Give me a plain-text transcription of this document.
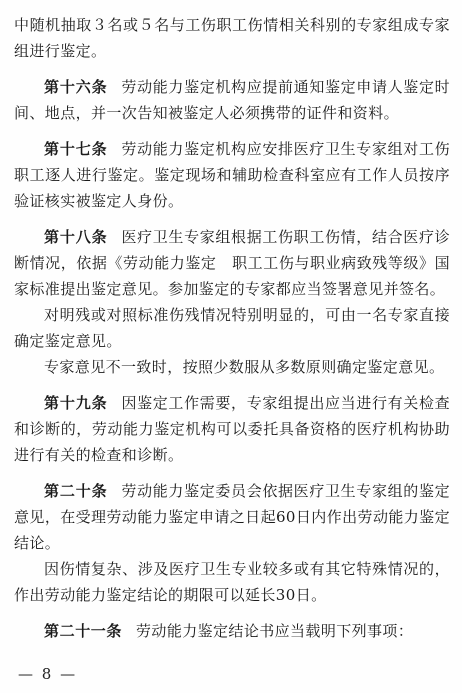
中随机抽取３名或５名与工伤职工伤情相关科别的专家组成专家组进行鉴定。

第十六条 劳动能力鉴定机构应提前通知鉴定申请人鉴定时间、地点，并一次告知被鉴定人必须携带的证件和资料。

第十七条 劳动能力鉴定机构应安排医疗卫生专家组对工伤职工逐人进行鉴定。鉴定现场和辅助检查科室应有工作人员按序验证核实被鉴定人身份。

第十八条 医疗卫生专家组根据工伤职工伤情，结合医疗诊断情况，依据《劳动能力鉴定　职工工伤与职业病致残等级》国家标准提出鉴定意见。参加鉴定的专家都应当签署意见并签名。

对明残或对照标准伤残情况特别明显的，可由一名专家直接确定鉴定意见。

专家意见不一致时，按照少数服从多数原则确定鉴定意见。

第十九条 因鉴定工作需要，专家组提出应当进行有关检查和诊断的，劳动能力鉴定机构可以委托具备资格的医疗机构协助进行有关的检查和诊断。

第二十条 劳动能力鉴定委员会依据医疗卫生专家组的鉴定意见，在受理劳动能力鉴定申请之日起60日内作出劳动能力鉴定结论。

因伤情复杂、涉及医疗卫生专业较多或有其它特殊情况的，作出劳动能力鉴定结论的期限可以延长30日。

第二十一条 劳动能力鉴定结论书应当载明下列事项：

— 8 —
